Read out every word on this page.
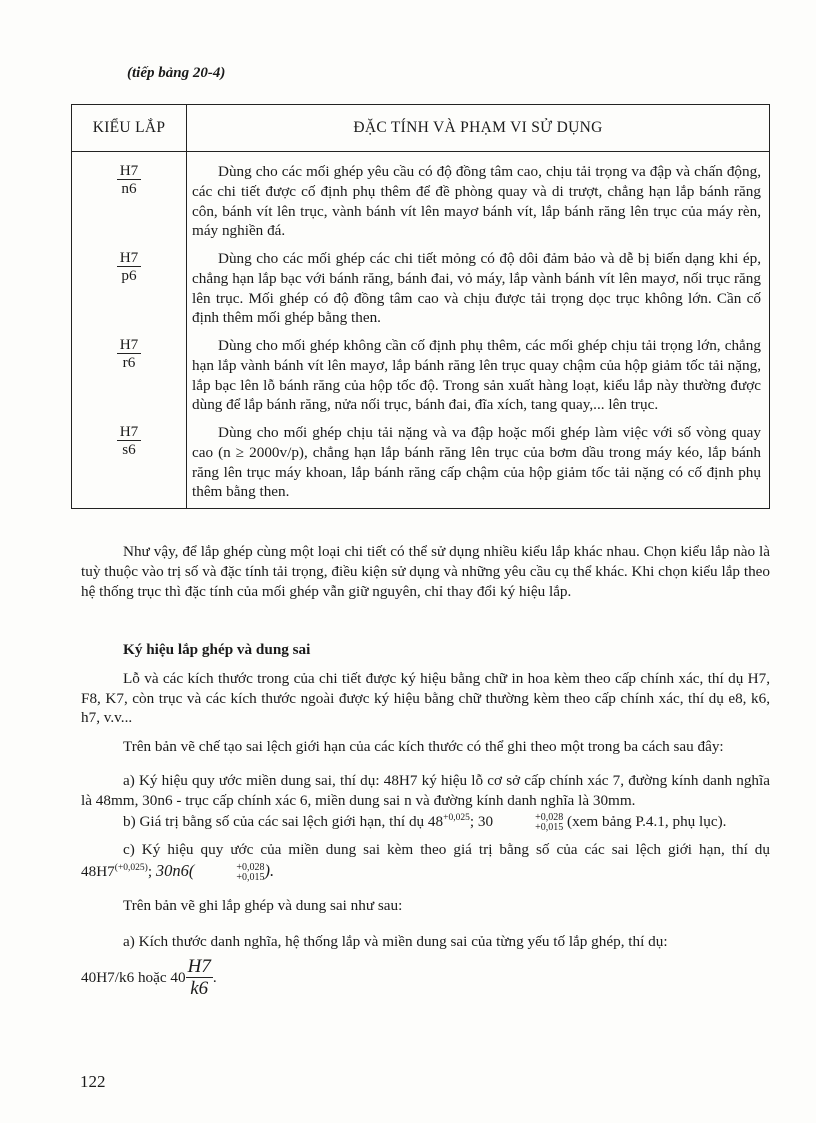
(tiếp bảng 20-4)
KIỂU LẮP	ĐẶC TÍNH VÀ PHẠM VI SỬ DỤNG

$\frac{H7}{n6}$	Dùng cho các mối ghép yêu cầu có độ đồng tâm cao, chịu tải trọng va đập và chấn động, các chi tiết được cố định phụ thêm để đề phòng quay và di trượt, chẳng hạn lắp bánh răng côn, bánh vít lên trục, vành bánh vít lên mayơ bánh vít, lắp bánh răng lên trục của máy rèn, máy nghiền đá.

$\frac{H7}{p6}$	Dùng cho các mối ghép các chi tiết mỏng có độ dôi đảm bảo và dễ bị biến dạng khi ép, chẳng hạn lắp bạc với bánh răng, bánh đai, vỏ máy, lắp vành bánh vít lên mayơ, nối trục răng lên trục. Mối ghép có độ đồng tâm cao và chịu được tải trọng dọc trục không lớn. Cần cố định thêm mối ghép bằng then.

$\frac{H7}{r6}$	Dùng cho mối ghép không cần cố định phụ thêm, các mối ghép chịu tải trọng lớn, chẳng hạn lắp vành bánh vít lên mayơ, lắp bánh răng lên trục quay chậm của hộp giảm tốc tải nặng, lắp bạc lên lỗ bánh răng của hộp tốc độ. Trong sản xuất hàng loạt, kiểu lắp này thường được dùng để lắp bánh răng, nửa nối trục, bánh đai, đĩa xích, tang quay,... lên trục.

$\frac{H7}{s6}$	Dùng cho mối ghép chịu tải nặng và va đập hoặc mối ghép làm việc với số vòng quay cao (n ≥ 2000v/p), chẳng hạn lắp bánh răng lên trục của bơm dầu trong máy kéo, lắp bánh răng lên trục máy khoan, lắp bánh răng cấp chậm của hộp giảm tốc tải nặng có cố định phụ thêm bằng then.

Như vậy, để lắp ghép cùng một loại chi tiết có thể sử dụng nhiều kiểu lắp khác nhau. Chọn kiểu lắp nào là tuỳ thuộc vào trị số và đặc tính tải trọng, điều kiện sử dụng và những yêu cầu cụ thể khác. Khi chọn kiểu lắp theo hệ thống trục thì đặc tính của mối ghép vẫn giữ nguyên, chỉ thay đổi ký hiệu lắp.

Ký hiệu lắp ghép và dung sai

Lỗ và các kích thước trong của chi tiết được ký hiệu bằng chữ in hoa kèm theo cấp chính xác, thí dụ H7, F8, K7, còn trục và các kích thước ngoài được ký hiệu bằng chữ thường kèm theo cấp chính xác, thí dụ e8, k6, h7, v.v...

Trên bản vẽ chế tạo sai lệch giới hạn của các kích thước có thể ghi theo một trong ba cách sau đây:

a) Ký hiệu quy ước miền dung sai, thí dụ: 48H7 ký hiệu lỗ cơ sở cấp chính xác 7, đường kính danh nghĩa là 48mm, 30n6 - trục cấp chính xác 6, miền dung sai n và đường kính danh nghĩa là 30mm.

b) Giá trị bằng số của các sai lệch giới hạn, thí dụ $48^{+0,025}$; 30	+0,028
+0,015 (xem bảng P.4.1, phụ lục).

c) Ký hiệu quy ước của miền dung sai kèm theo giá trị bằng số của các sai lệch giới hạn, thí dụ $48H7^{(+0,025)}$; 30n6(	+0,028
+0,015 ).

Trên bản vẽ ghi lắp ghép và dung sai như sau:

a) Kích thước danh nghĩa, hệ thống lắp và miền dung sai của từng yếu tố lắp ghép, thí dụ:

40H7/k6 hoặc $40 \frac{H7}{k6}$ .

122
